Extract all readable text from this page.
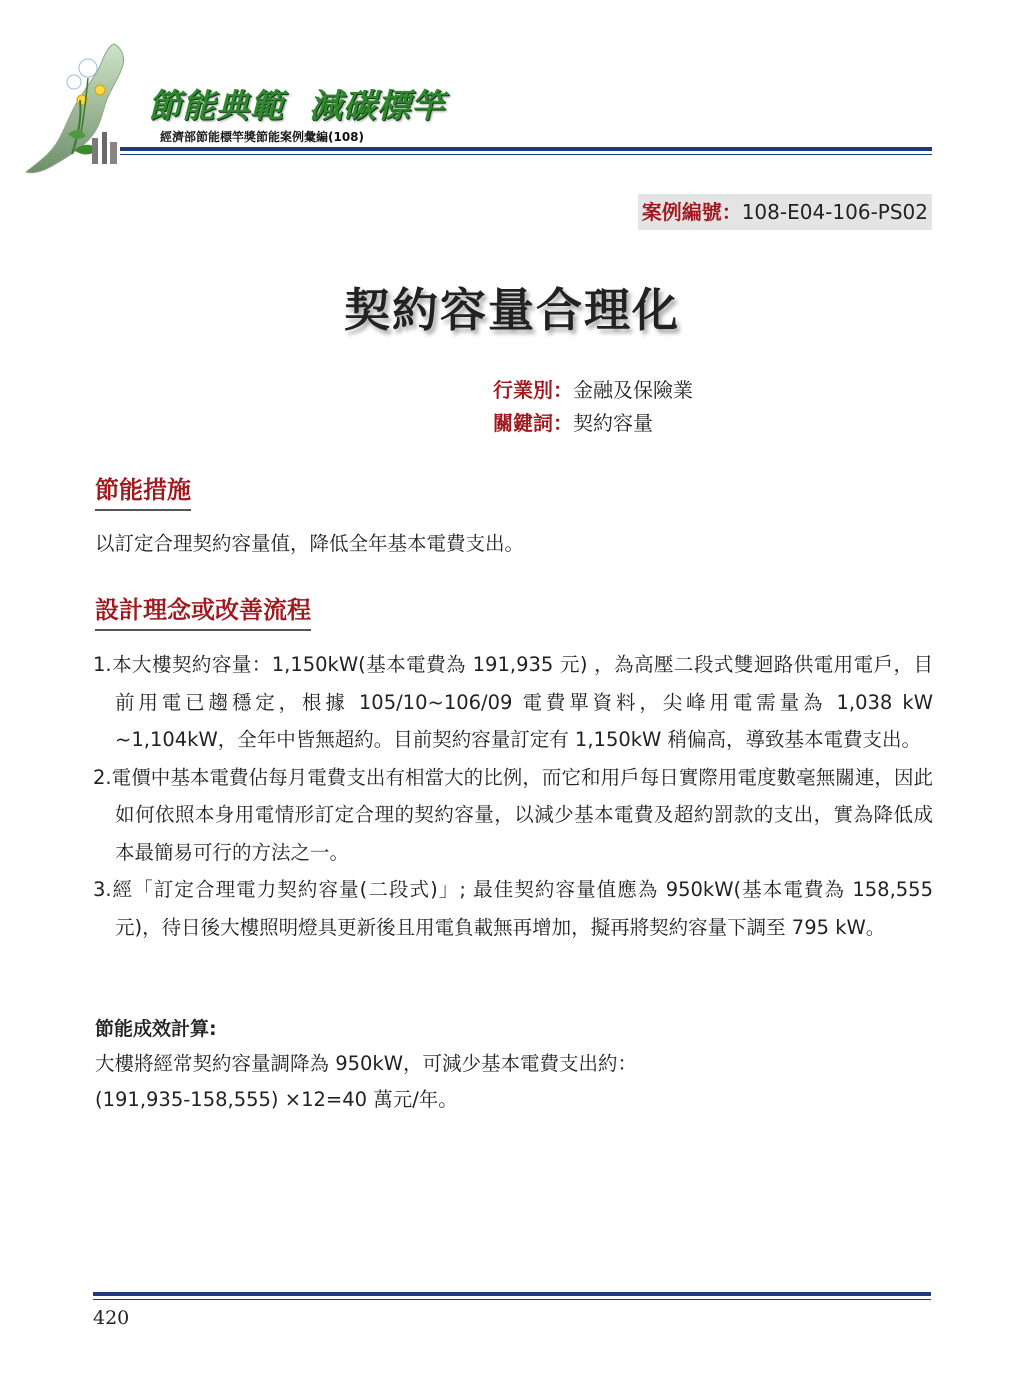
節能典範  減碳標竿
經濟部節能標竿獎節能案例彙編(108)
案例編號：108-E04-106-PS02
契約容量合理化
行業別：金融及保險業
關鍵詞：契約容量
節能措施
以訂定合理契約容量值，降低全年基本電費支出。
設計理念或改善流程

1.本大樓契約容量：1,150kW(基本電費為 191,935 元) ，為高壓二段式雙迴路供電用電戶，目前用電已趨穩定，根據 105/10~106/09 電費單資料，尖峰用電需量為 1,038 kW ~1,104kW，全年中皆無超約。目前契約容量訂定有 1,150kW 稍偏高，導致基本電費支出。

2.電價中基本電費佔每月電費支出有相當大的比例，而它和用戶每日實際用電度數毫無關連，因此如何依照本身用電情形訂定合理的契約容量，以減少基本電費及超約罰款的支出，實為降低成本最簡易可行的方法之一。

3.經「訂定合理電力契約容量(二段式)」; 最佳契約容量值應為 950kW(基本電費為 158,555 元)，待日後大樓照明燈具更新後且用電負載無再增加，擬再將契約容量下調至 795 kW。

節能成效計算:
大樓將經常契約容量調降為 950kW，可減少基本電費支出約：
(191,935-158,555) ×12=40 萬元/年。
420
